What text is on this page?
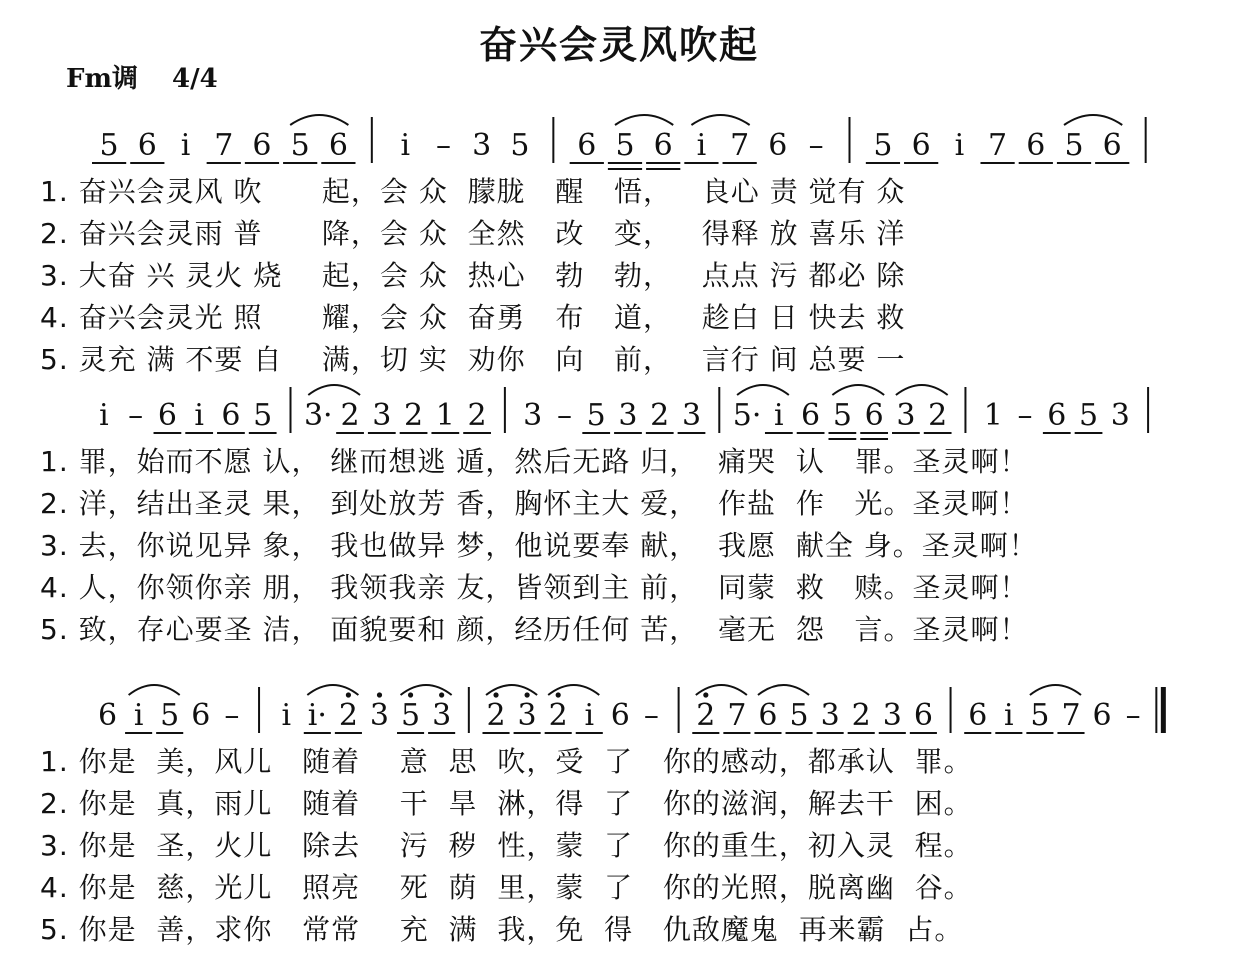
奋兴会灵风吹起
Fm调 4/4
5 6 i 7 6 5 6 i – 3 5 6 5 6 i 7 6 – 5 6 i 7 6 5 6
i – 6 i 6 5 3· 2 3 2 1 2 3 – 5 3 2 3 5· i 6 5 6 3 2 1 – 6 5 3
6 i 5 6 – i i· 2 3 5 3 2 3 2 i 6 – 2 7 6 5 3 2 3 6 6 i 5 7 6 –
1. 奋兴会灵风 吹      起，会 众  朦胧   醒   悟，   良心 责 觉有 众
2. 奋兴会灵雨 普      降，会 众  全然   改   变，   得释 放 喜乐 洋
3. 大奋 兴 灵火 烧    起，会 众  热心   勃   勃，   点点 污 都必 除
4. 奋兴会灵光 照      耀，会 众  奋勇   布   道，   趁白 日 快去 救
5. 灵充 满 不要 自    满，切 实  劝你   向   前，   言行 间 总要 一
1. 罪，始而不愿 认， 继而想逃 遁，然后无路 归，  痛哭  认   罪。圣灵啊！
2. 洋，结出圣灵 果， 到处放芳 香，胸怀主大 爱，  作盐  作   光。圣灵啊！
3. 去，你说见异 象， 我也做异 梦，他说要奉 献，  我愿  献全 身。圣灵啊！
4. 人，你领你亲 朋， 我领我亲 友，皆领到主 前，  同蒙  救   赎。圣灵啊！
5. 致，存心要圣 洁， 面貌要和 颜，经历任何 苦，  毫无  怨   言。圣灵啊！
1. 你是  美，风儿   随着    意  思  吹，受  了   你的感动，都承认  罪。
2. 你是  真，雨儿   随着    干  旱  淋，得  了   你的滋润，解去干  困。
3. 你是  圣，火儿   除去    污  秽  性，蒙  了   你的重生，初入灵  程。
4. 你是  慈，光儿   照亮    死  荫  里，蒙  了   你的光照，脱离幽  谷。
5. 你是  善，求你   常常    充  满  我，免  得   仇敌魔鬼  再来霸  占。
